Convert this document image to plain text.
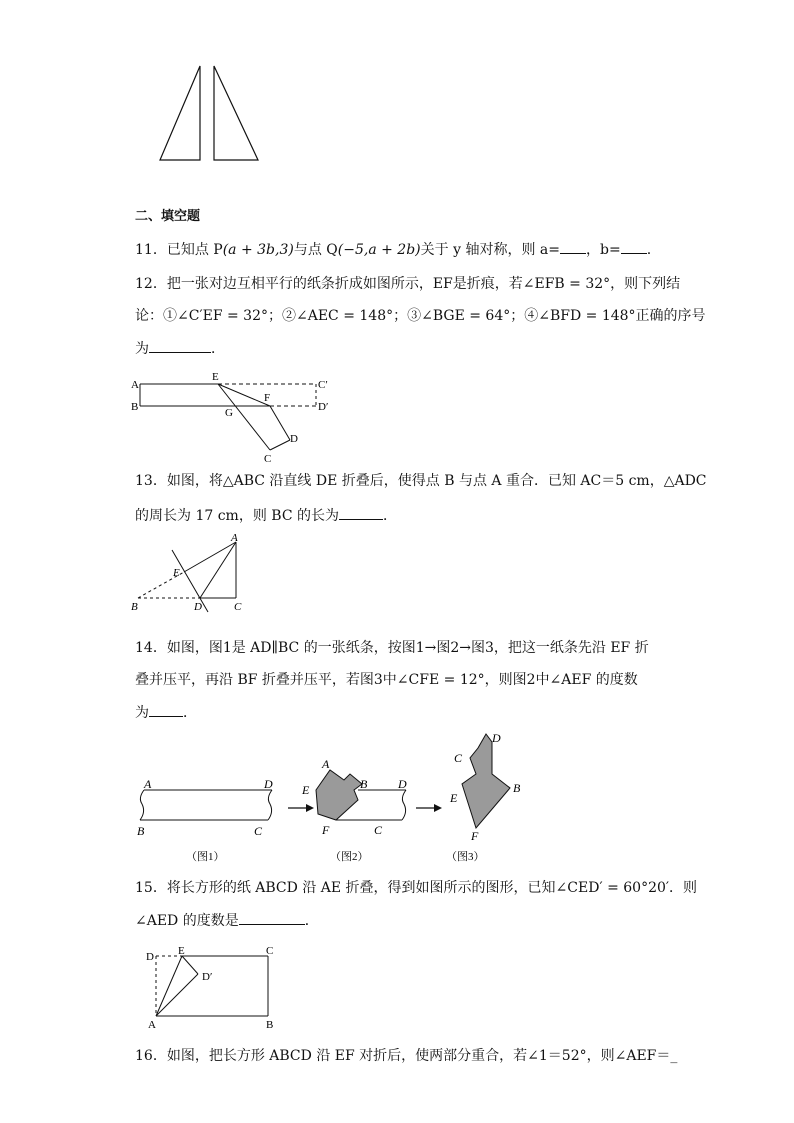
二、填空题
11．已知点 P(a + 3b,3)与点 Q(−5,a + 2b)关于 y 轴对称，则 a= ，b= .
12．把一张对边互相平行的纸条折成如图所示，EF是折痕，若∠EFB = 32°，则下列结
论：①∠C′EF = 32°；②∠AEC = 148°；③∠BGE = 64°；④∠BFD = 148°正确的序号
为	．
A
B
E
F
G
D
C
C′
D′
13．如图，将△ABC 沿直线 DE 折叠后，使得点 B 与点 A 重合．已知 AC＝5 cm，△ADC
的周长为 17 cm，则 BC 的长为	．
A
B	C
D
E
14．如图，图1是 AD∥BC 的一张纸条，按图1→图2→图3，把这一纸条先沿 EF 折
叠并压平，再沿 BF 折叠并压平，若图3中∠CFE = 12°，则图2中∠AEF 的度数
为 ．
A	D
B	C
A
B	D
E
F	C
C
D
B
E
F
（图1）	（图2）	（图3）
15．将长方形的纸 ABCD 沿 AE 折叠，得到如图所示的图形，已知∠CED′ = 60°20′．则
∠AED 的度数是	．
D E	C
D′
A	B
16．如图，把长方形 ABCD 沿 EF 对折后，使两部分重合，若∠1＝52°，则∠AEF＝_
